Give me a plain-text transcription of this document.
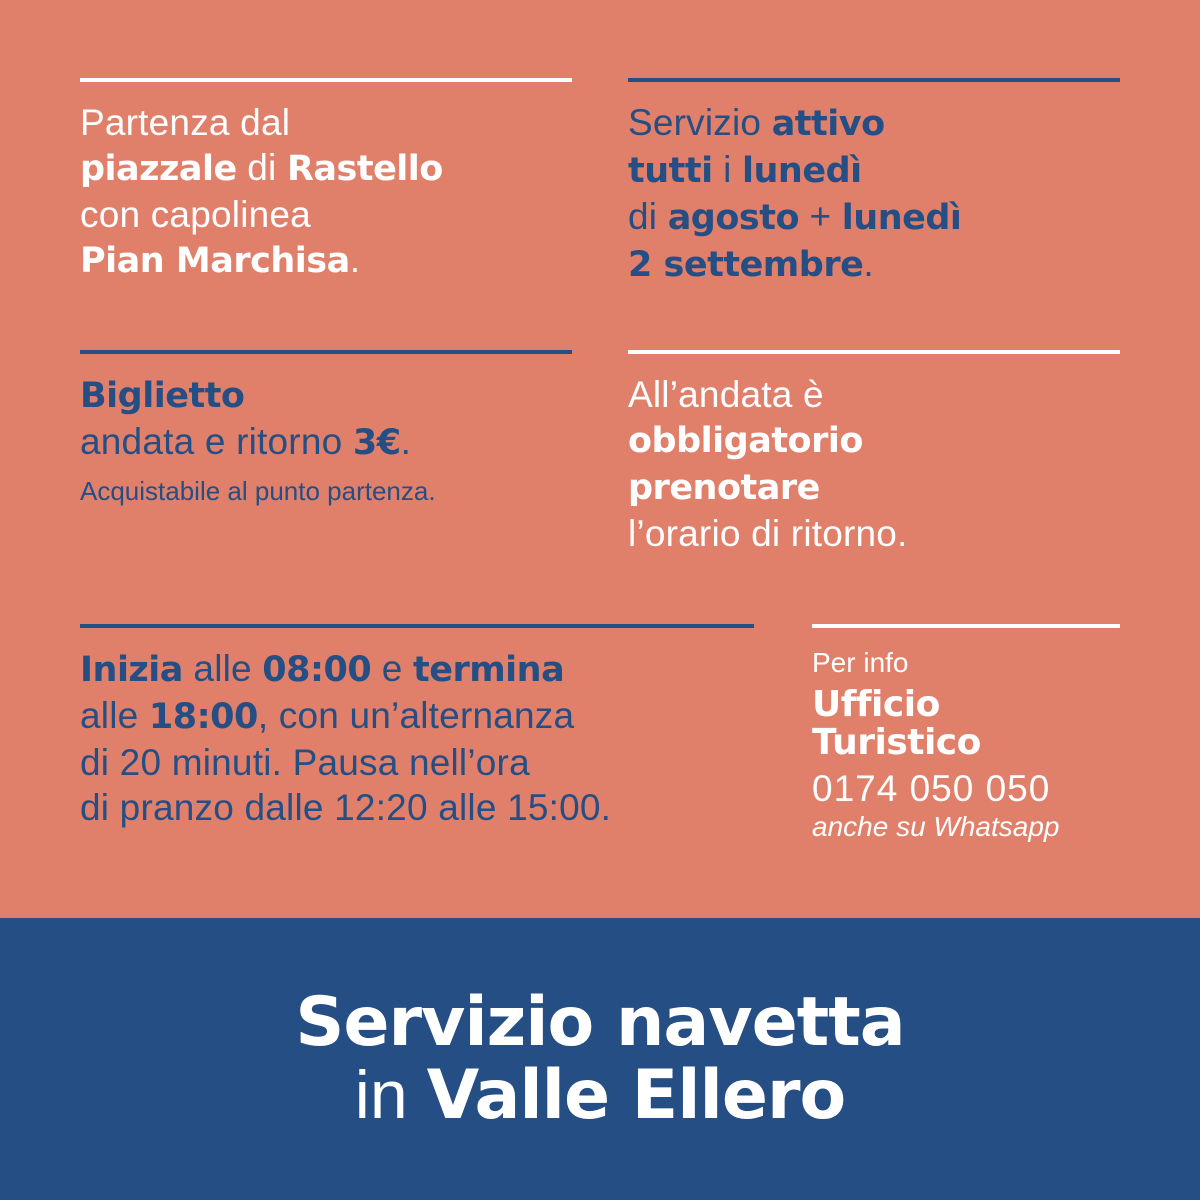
Partenza dal
piazzale di Rastello
con capolinea
Pian Marchisa.
Servizio attivo
tutti i lunedì
di agosto + lunedì
2 settembre.
Biglietto
andata e ritorno 3€.
Acquistabile al punto partenza.
All’andata è
obbligatorio
prenotare
l’orario di ritorno.
Inizia alle 08:00 e termina
alle 18:00, con un’alternanza
di 20 minuti. Pausa nell’ora
di pranzo dalle 12:20 alle 15:00.
Per info
Ufficio
Turistico
0174 050 050
anche su Whatsapp
Servizio navetta
in Valle Ellero
